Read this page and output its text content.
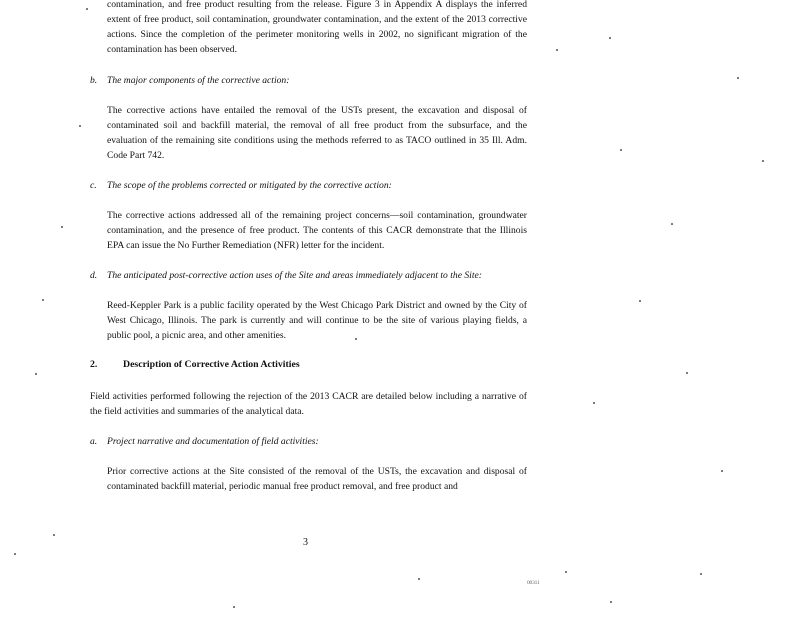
contamination, and free product resulting from the release. Figure 3 in Appendix A displays the inferred extent of free product, soil contamination, groundwater contamination, and the extent of the 2013 corrective actions. Since the completion of the perimeter monitoring wells in 2002, no significant migration of the contamination has been observed.

b. The major components of the corrective action:

The corrective actions have entailed the removal of the USTs present, the excavation and disposal of contaminated soil and backfill material, the removal of all free product from the subsurface, and the evaluation of the remaining site conditions using the methods referred to as TACO outlined in 35 Ill. Adm. Code Part 742.

c. The scope of the problems corrected or mitigated by the corrective action:

The corrective actions addressed all of the remaining project concerns—soil contamination, groundwater contamination, and the presence of free product. The contents of this CACR demonstrate that the Illinois EPA can issue the No Further Remediation (NFR) letter for the incident.

d. The anticipated post-corrective action uses of the Site and areas immediately adjacent to the Site:

Reed-Keppler Park is a public facility operated by the West Chicago Park District and owned by the City of West Chicago, Illinois. The park is currently and will continue to be the site of various playing fields, a public pool, a picnic area, and other amenities.

2.	Description of Corrective Action Activities

Field activities performed following the rejection of the 2013 CACR are detailed below including a narrative of the field activities and summaries of the analytical data.

a. Project narrative and documentation of field activities:

Prior corrective actions at the Site consisted of the removal of the USTs, the excavation and disposal of contaminated backfill material, periodic manual free product removal, and free product and

3
00311
